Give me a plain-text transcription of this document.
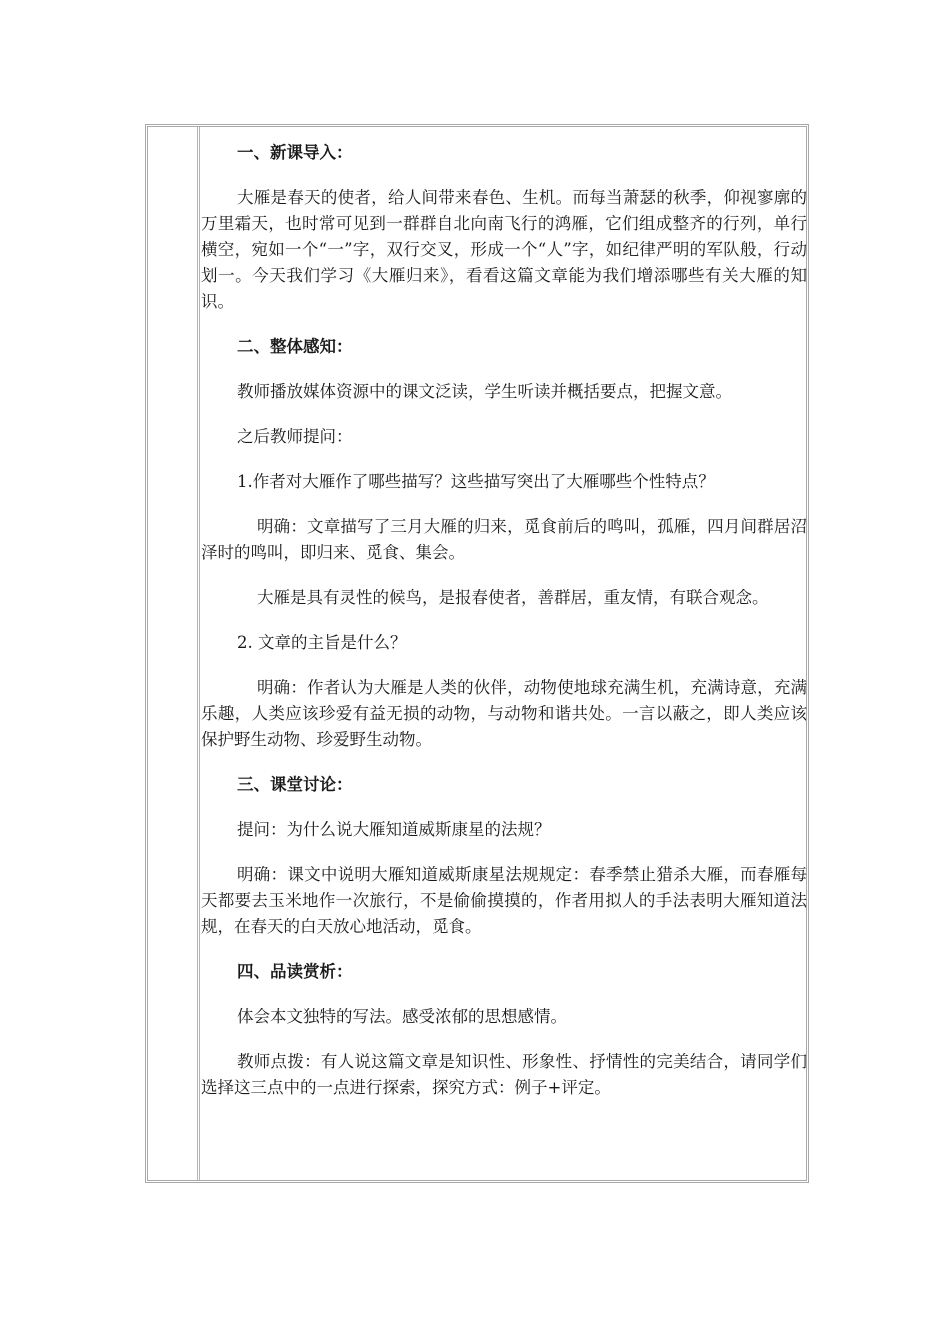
一、新课导入：
大雁是春天的使者，给人间带来春色、生机。而每当萧瑟的秋季，仰视寥廓的万里霜天，也时常可见到一群群自北向南飞行的鸿雁，它们组成整齐的行列，单行横空，宛如一个“一”字，双行交叉，形成一个“人”字，如纪律严明的军队般，行动划一。今天我们学习《大雁归来》，看看这篇文章能为我们增添哪些有关大雁的知识。
二、整体感知：
教师播放媒体资源中的课文泛读，学生听读并概括要点，把握文意。
之后教师提问：
1.作者对大雁作了哪些描写？这些描写突出了大雁哪些个性特点？
明确：文章描写了三月大雁的归来，觅食前后的鸣叫，孤雁，四月间群居沼泽时的鸣叫，即归来、觅食、集会。
大雁是具有灵性的候鸟，是报春使者，善群居，重友情，有联合观念。
2. 文章的主旨是什么？
明确：作者认为大雁是人类的伙伴，动物使地球充满生机，充满诗意，充满乐趣，人类应该珍爱有益无损的动物，与动物和谐共处。一言以蔽之，即人类应该保护野生动物、珍爱野生动物。
三、课堂讨论：
提问：为什么说大雁知道威斯康星的法规？
明确：课文中说明大雁知道威斯康星法规规定：春季禁止猎杀大雁，而春雁每天都要去玉米地作一次旅行，不是偷偷摸摸的，作者用拟人的手法表明大雁知道法规，在春天的白天放心地活动，觅食。
四、品读赏析：
体会本文独特的写法。感受浓郁的思想感情。
教师点拨：有人说这篇文章是知识性、形象性、抒情性的完美结合，请同学们选择这三点中的一点进行探索，探究方式：例子+评定。
